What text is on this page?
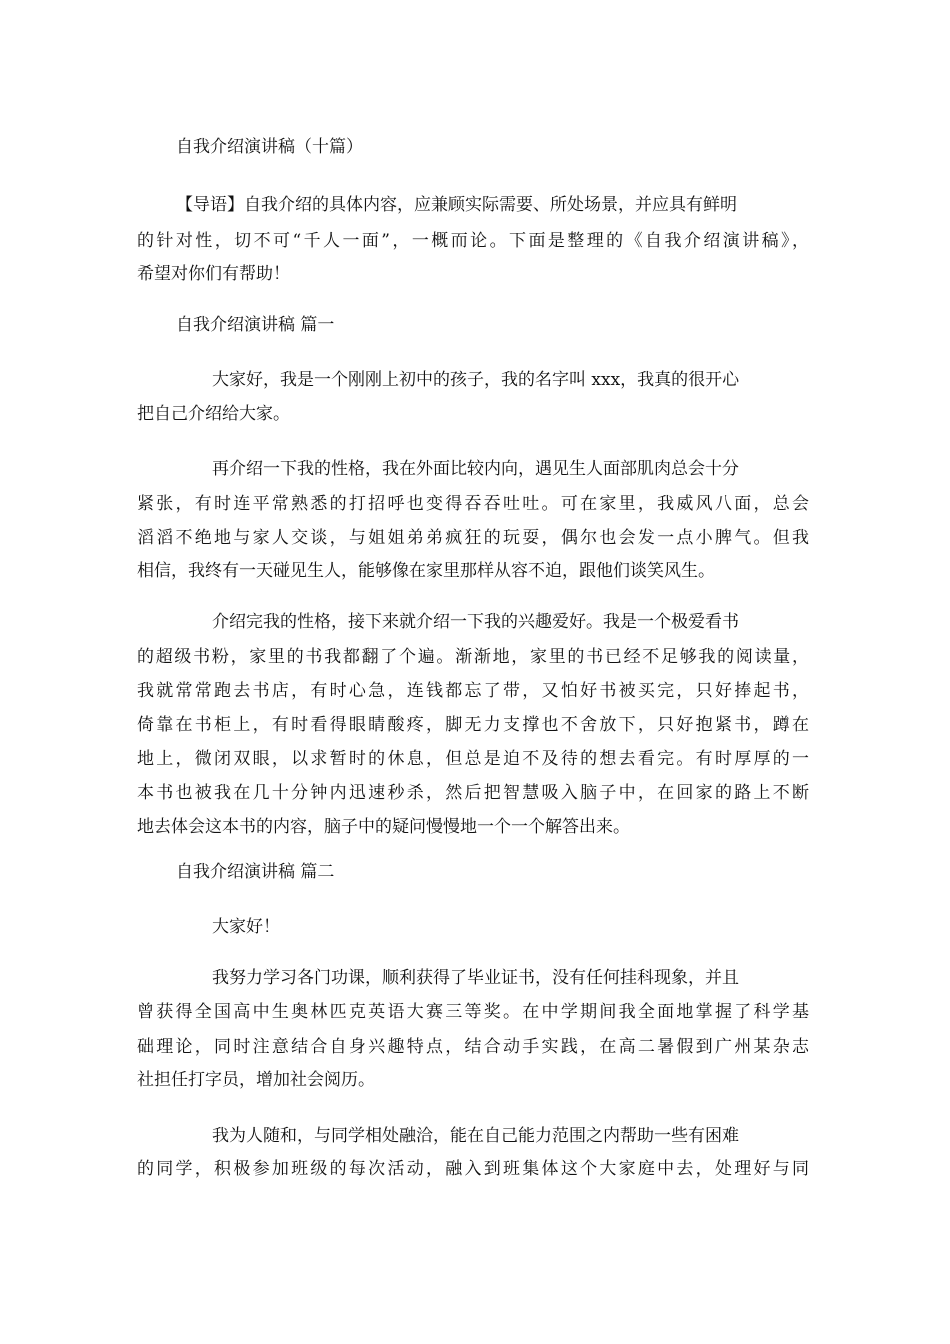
自我介绍演讲稿（十篇）

【导语】自我介绍的具体内容，应兼顾实际需要、所处场景，并应具有鲜明

的针对性，切不可“千人一面”，一概而论。下面是整理的《自我介绍演讲稿》，

希望对你们有帮助！

自我介绍演讲稿 篇一

大家好，我是一个刚刚上初中的孩子，我的名字叫 xxx，我真的很开心

把自己介绍给大家。

再介绍一下我的性格，我在外面比较内向，遇见生人面部肌肉总会十分

紧张，有时连平常熟悉的打招呼也变得吞吞吐吐。可在家里，我威风八面，总会

滔滔不绝地与家人交谈，与姐姐弟弟疯狂的玩耍，偶尔也会发一点小脾气。但我

相信，我终有一天碰见生人，能够像在家里那样从容不迫，跟他们谈笑风生。

介绍完我的性格，接下来就介绍一下我的兴趣爱好。我是一个极爱看书

的超级书粉，家里的书我都翻了个遍。渐渐地，家里的书已经不足够我的阅读量，

我就常常跑去书店，有时心急，连钱都忘了带，又怕好书被买完，只好捧起书，

倚靠在书柜上，有时看得眼睛酸疼，脚无力支撑也不舍放下，只好抱紧书，蹲在

地上，微闭双眼，以求暂时的休息，但总是迫不及待的想去看完。有时厚厚的一

本书也被我在几十分钟内迅速秒杀，然后把智慧吸入脑子中，在回家的路上不断

地去体会这本书的内容，脑子中的疑问慢慢地一个一个解答出来。

自我介绍演讲稿 篇二

大家好！

我努力学习各门功课，顺利获得了毕业证书，没有任何挂科现象，并且

曾获得全国高中生奥林匹克英语大赛三等奖。在中学期间我全面地掌握了科学基

础理论，同时注意结合自身兴趣特点，结合动手实践，在高二暑假到广州某杂志

社担任打字员，增加社会阅历。

我为人随和，与同学相处融洽，能在自己能力范围之内帮助一些有困难

的同学，积极参加班级的每次活动，融入到班集体这个大家庭中去，处理好与同
